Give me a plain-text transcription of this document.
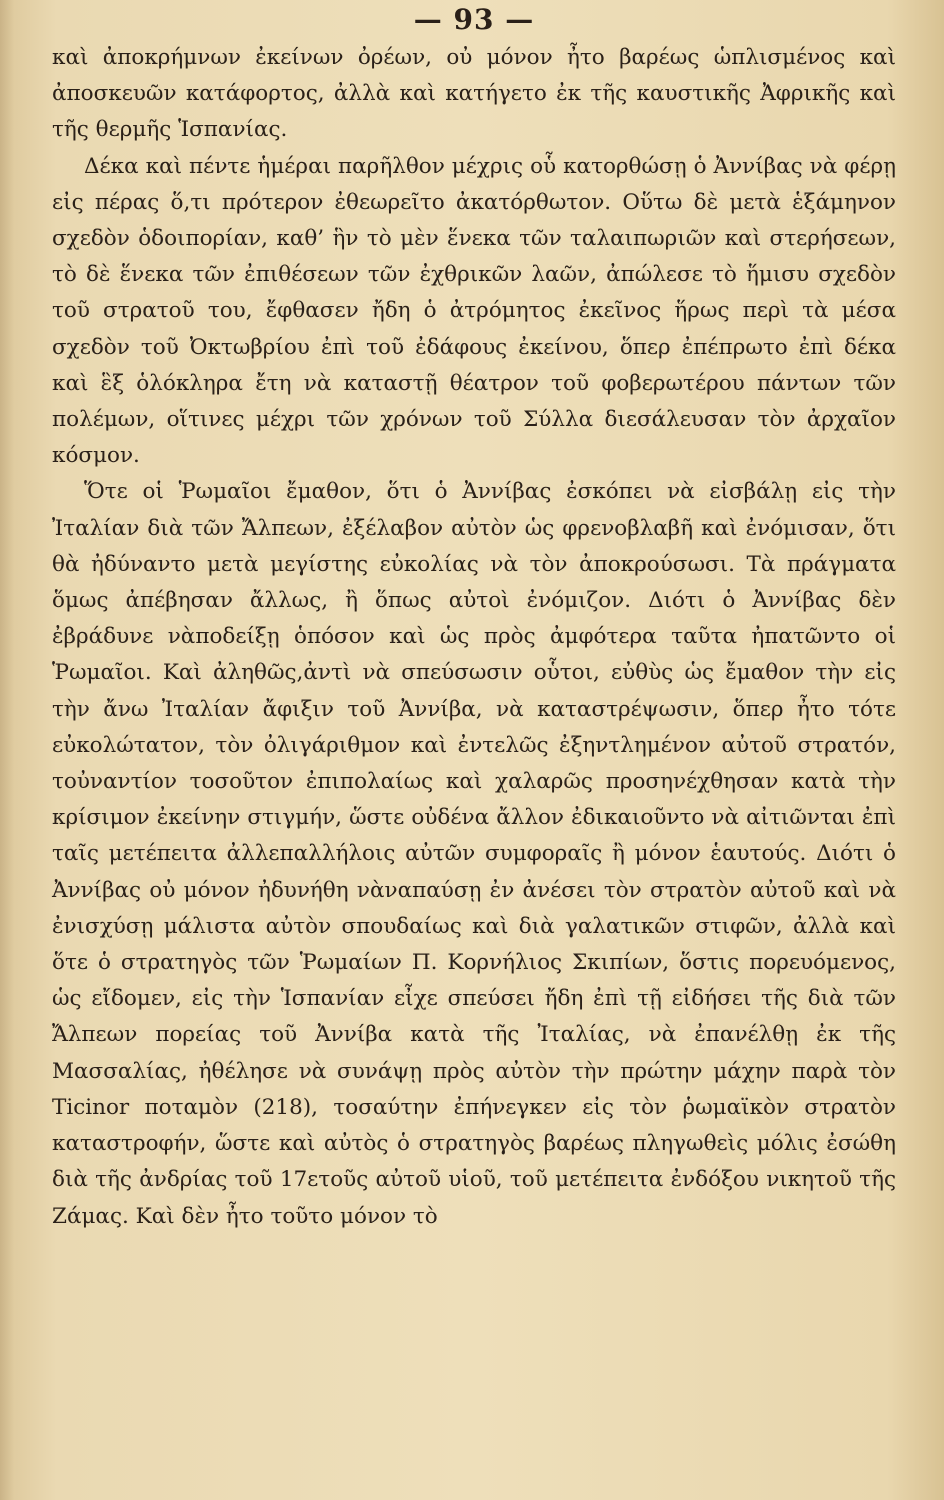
— 93 —

καὶ ἀποκρήμνων ἐκείνων ὀρέων, οὐ μόνον ἦτο βαρέως ὡπλισμένος καὶ ἀποσκευῶν κατάφορτος, ἀλλὰ καὶ κατήγετο ἐκ τῆς καυστικῆς Ἀφρικῆς καὶ τῆς θερμῆς Ἱσπανίας.

Δέκα καὶ πέντε ἡμέραι παρῆλθον μέχρις οὗ κατορθώσῃ ὁ Ἀννίβας νὰ φέρῃ εἰς πέρας ὅ,τι πρότερον ἐθεωρεῖτο ἀκατόρθωτον. Οὕτω δὲ μετὰ ἑξάμηνον σχεδὸν ὁδοιπορίαν, καθ’ ἣν τὸ μὲν ἕνεκα τῶν ταλαιπωριῶν καὶ στερήσεων, τὸ δὲ ἕνεκα τῶν ἐπιθέσεων τῶν ἐχθρικῶν λαῶν, ἀπώλεσε τὸ ἥμισυ σχεδὸν τοῦ στρατοῦ του, ἔφθασεν ἤδη ὁ ἀτρόμητος ἐκεῖνος ἥρως περὶ τὰ μέσα σχεδὸν τοῦ Ὀκτωβρίου ἐπὶ τοῦ ἐδάφους ἐκείνου, ὅπερ ἐπέπρωτο ἐπὶ δέκα καὶ ἓξ ὁλόκληρα ἔτη νὰ καταστῇ θέατρον τοῦ φοβερωτέρου πάντων τῶν πολέμων, οἵτινες μέχρι τῶν χρόνων τοῦ Σύλλα διεσάλευσαν τὸν ἀρχαῖον κόσμον.

Ὅτε οἱ Ῥωμαῖοι ἔμαθον, ὅτι ὁ Ἀννίβας ἐσκόπει νὰ εἰσβάλῃ εἰς τὴν Ἰταλίαν διὰ τῶν Ἄλπεων, ἐξέλαβον αὐτὸν ὡς φρενοβλαβῆ καὶ ἐνόμισαν, ὅτι θὰ ἠδύναντο μετὰ μεγίστης εὐκολίας νὰ τὸν ἀποκρούσωσι. Τὰ πράγματα ὅμως ἀπέβησαν ἄλλως, ἢ ὅπως αὐτοὶ ἐνόμιζον. Διότι ὁ Ἀννίβας δὲν ἐβράδυνε νὰποδείξῃ ὁπόσον καὶ ὡς πρὸς ἀμφότερα ταῦτα ἠπατῶντο οἱ Ῥωμαῖοι. Καὶ ἀληθῶς,ἀντὶ νὰ σπεύσωσιν οὗτοι, εὐθὺς ὡς ἔμαθον τὴν εἰς τὴν ἄνω Ἰταλίαν ἄφιξιν τοῦ Ἀννίβα, νὰ καταστρέψωσιν, ὅπερ ἦτο τότε εὐκολώτατον, τὸν ὀλιγάριθμον καὶ ἐντελῶς ἐξηντλημένον αὐτοῦ στρατόν, τοὐναντίον τοσοῦτον ἐπιπολαίως καὶ χαλαρῶς προσηνέχθησαν κατὰ τὴν κρίσιμον ἐκείνην στιγμήν, ὥστε οὐδένα ἄλλον ἐδικαιοῦντο νὰ αἰτιῶνται ἐπὶ ταῖς μετέπειτα ἀλλεπαλλήλοις αὐτῶν συμφοραῖς ἢ μόνον ἑαυτούς. Διότι ὁ Ἀννίβας οὐ μόνον ἠδυνήθη νὰναπαύσῃ ἐν ἀνέσει τὸν στρατὸν αὐτοῦ καὶ νὰ ἐνισχύσῃ μάλιστα αὐτὸν σπουδαίως καὶ διὰ γαλατικῶν στιφῶν, ἀλλὰ καὶ ὅτε ὁ στρατηγὸς τῶν Ῥωμαίων Π. Κορνήλιος Σκιπίων, ὅστις πορευόμενος, ὡς εἴδομεν, εἰς τὴν Ἱσπανίαν εἶχε σπεύσει ἤδη ἐπὶ τῇ εἰδήσει τῆς διὰ τῶν Ἄλπεων πορείας τοῦ Ἀννίβα κατὰ τῆς Ἰταλίας, νὰ ἐπανέλθῃ ἐκ τῆς Μασσαλίας, ἠθέλησε νὰ συνάψῃ πρὸς αὐτὸν τὴν πρώτην μάχην παρὰ τὸν Ticinor ποταμὸν (218), τοσαύτην ἐπήνεγκεν εἰς τὸν ῥωμαϊκὸν στρατὸν καταστροφήν, ὥστε καὶ αὐτὸς ὁ στρατηγὸς βαρέως πληγωθεὶς μόλις ἐσώθη διὰ τῆς ἀνδρίας τοῦ 17ετοῦς αὐτοῦ υἱοῦ, τοῦ μετέπειτα ἐνδόξου νικητοῦ τῆς Ζάμας. Καὶ δὲν ἦτο τοῦτο μόνον τὸ
